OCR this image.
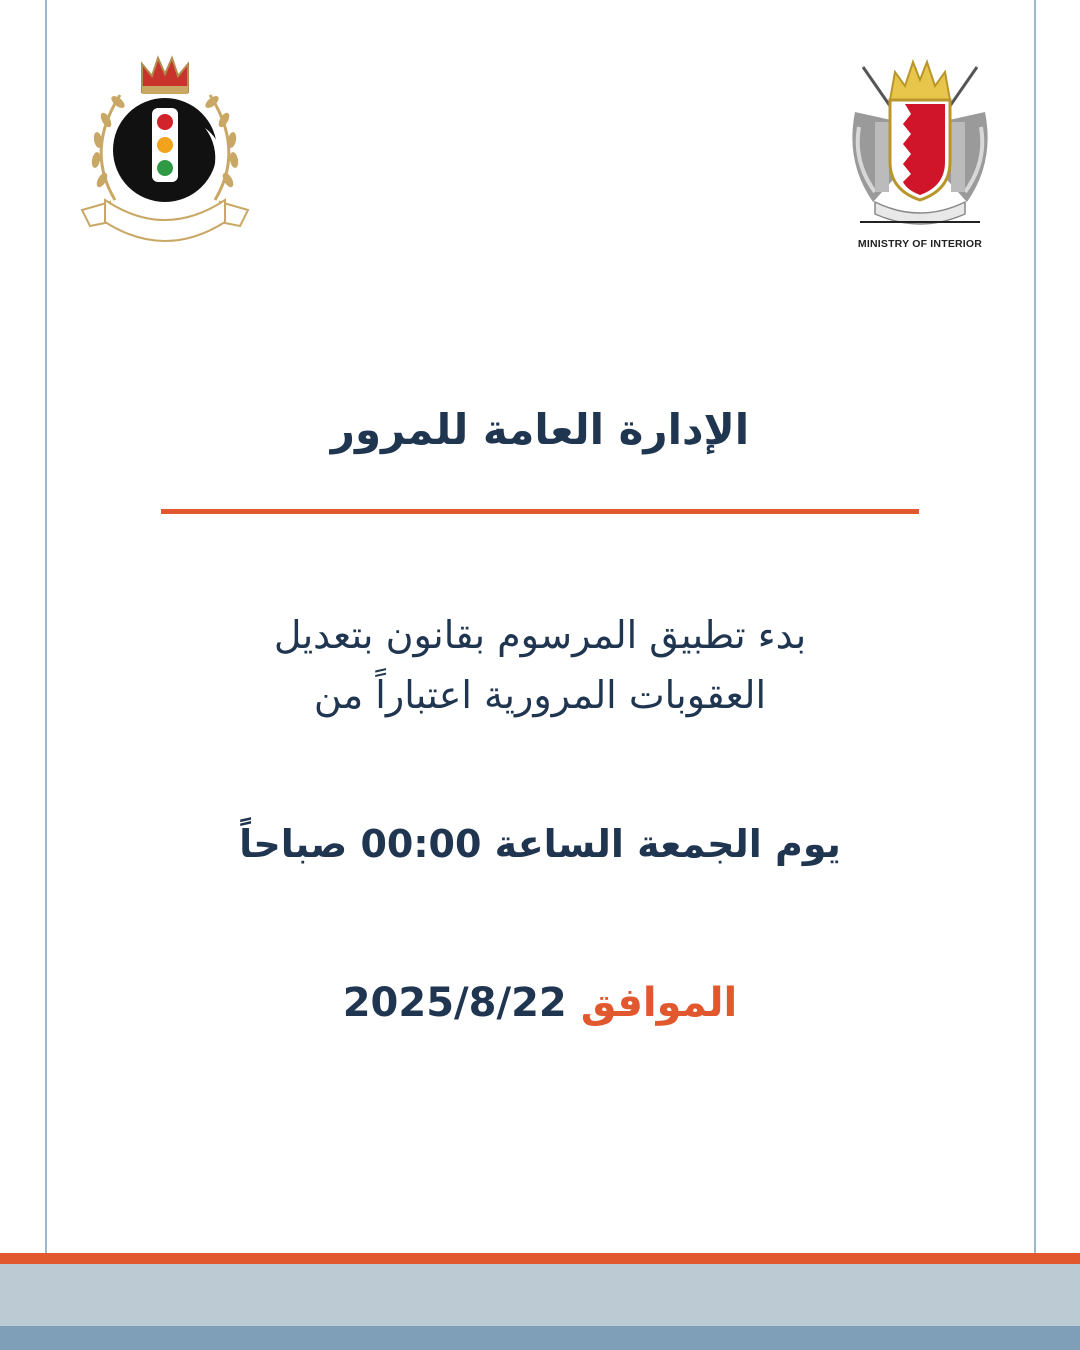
MINISTRY OF INTERIOR
الإدارة العامة للمرور
بدء تطبيق المرسوم بقانون بتعديل
العقوبات المرورية اعتباراً من
يوم الجمعة الساعة 00:00 صباحاً
الموافق 2025/8/22
